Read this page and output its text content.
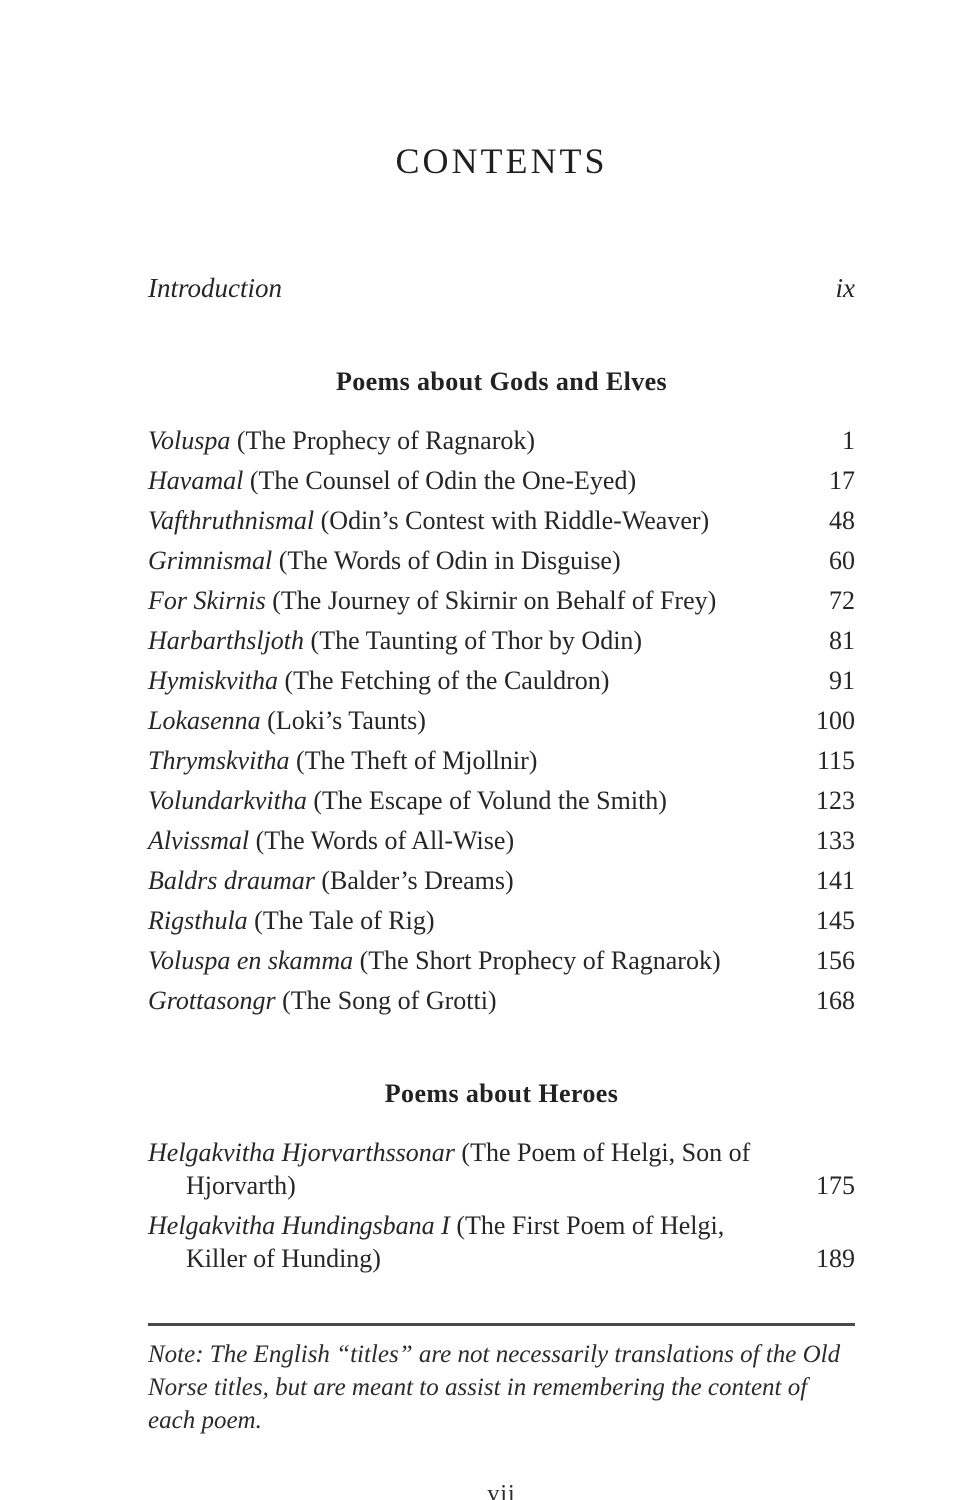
CONTENTS
Introduction	ix
Poems about Gods and Elves
Voluspa (The Prophecy of Ragnarok)	1
Havamal (The Counsel of Odin the One-Eyed)	17
Vafthruthnismal (Odin’s Contest with Riddle-Weaver)	48
Grimnismal (The Words of Odin in Disguise)	60
For Skirnis (The Journey of Skirnir on Behalf of Frey)	72
Harbarthsljoth (The Taunting of Thor by Odin)	81
Hymiskvitha (The Fetching of the Cauldron)	91
Lokasenna (Loki’s Taunts)	100
Thrymskvitha (The Theft of Mjollnir)	115
Volundarkvitha (The Escape of Volund the Smith)	123
Alvissmal (The Words of All-Wise)	133
Baldrs draumar (Balder’s Dreams)	141
Rigsthula (The Tale of Rig)	145
Voluspa en skamma (The Short Prophecy of Ragnarok)	156
Grottasongr (The Song of Grotti)	168
Poems about Heroes
Helgakvitha Hjorvarthssonar (The Poem of Helgi, Son of Hjorvarth)	175
Helgakvitha Hundingsbana I (The First Poem of Helgi, Killer of Hunding)	189

Note: The English “titles” are not necessarily translations of the Old Norse titles, but are meant to assist in remembering the content of each poem.

vii
